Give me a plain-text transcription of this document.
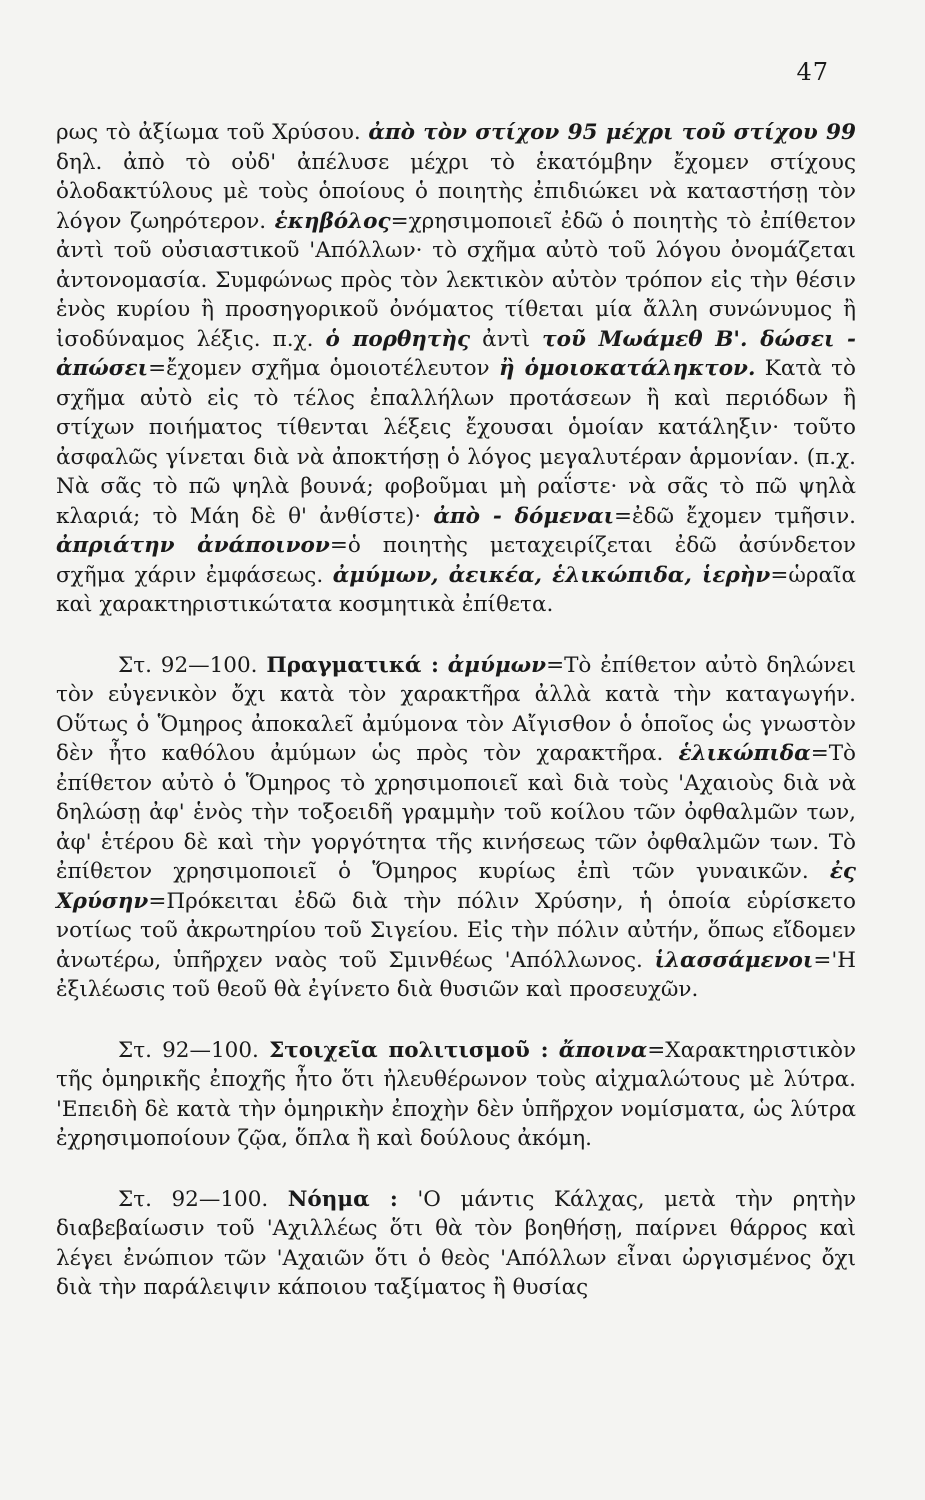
47

ρως τὸ ἀξίωμα τοῦ Χρύσου. ἀπὸ τὸν στίχον 95 μέχρι τοῦ στίχου 99 δηλ. ἀπὸ τὸ οὐδ' ἀπέλυσε μέχρι τὸ ἑκατόμβην ἔχομεν στίχους ὁλοδακτύλους μὲ τοὺς ὁποίους ὁ ποιητὴς ἐπιδιώκει νὰ καταστήσῃ τὸν λόγον ζωηρότερον. ἑκηβόλος=χρησιμοποιεῖ ἐδῶ ὁ ποιητὴς τὸ ἐπίθετον ἀντὶ τοῦ οὐσιαστικοῦ 'Απόλλων· τὸ σχῆμα αὐτὸ τοῦ λόγου ὀνομάζεται ἀντονομασία. Συμφώνως πρὸς τὸν λεκτικὸν αὐτὸν τρόπον εἰς τὴν θέσιν ἑνὸς κυρίου ἢ προσηγορικοῦ ὀνόματος τίθεται μία ἄλλη συνώνυμος ἢ ἰσοδύναμος λέξις. π.χ. ὁ πορθητὴς ἀντὶ τοῦ Μωάμεθ Β'. δώσει - ἀπώσει=ἔχομεν σχῆμα ὁμοιοτέλευτον ἢ ὁμοιοκατάληκτον. Κατὰ τὸ σχῆμα αὐτὸ εἰς τὸ τέλος ἐπαλλήλων προτάσεων ἢ καὶ περιόδων ἢ στίχων ποιήματος τίθενται λέξεις ἔχουσαι ὁμοίαν κατάληξιν· τοῦτο ἀσφαλῶς γίνεται διὰ νὰ ἀποκτήσῃ ὁ λόγος μεγαλυτέραν ἁρμονίαν. (π.χ. Νὰ σᾶς τὸ πῶ ψηλὰ βουνά; φοβοῦμαι μὴ ραΐστε· νὰ σᾶς τὸ πῶ ψηλὰ κλαριά; τὸ Μάη δὲ θ' ἀνθίστε)· ἀπὸ - δόμεναι=ἐδῶ ἔχομεν τμῆσιν. ἀπριάτην ἀνάποινον=ὁ ποιητὴς μεταχειρίζεται ἐδῶ ἀσύνδετον σχῆμα χάριν ἐμφάσεως. ἀμύμων, ἀεικέα, ἑλικώπιδα, ἱερὴν=ὡραῖα καὶ χαρακτηριστικώτατα κοσμητικὰ ἐπίθετα.

Στ. 92—100. Πραγματικά : ἀμύμων=Τὸ ἐπίθετον αὐτὸ δηλώνει τὸν εὐγενικὸν ὄχι κατὰ τὸν χαρακτῆρα ἀλλὰ κατὰ τὴν καταγωγήν. Οὕτως ὁ Ὅμηρος ἀποκαλεῖ ἀμύμονα τὸν Αἴγισθον ὁ ὁποῖος ὡς γνωστὸν δὲν ἦτο καθόλου ἀμύμων ὡς πρὸς τὸν χαρακτῆρα. ἑλικώπιδα=Τὸ ἐπίθετον αὐτὸ ὁ Ὅμηρος τὸ χρησιμοποιεῖ καὶ διὰ τοὺς 'Αχαιοὺς διὰ νὰ δηλώσῃ ἀφ' ἑνὸς τὴν τοξοειδῆ γραμμὴν τοῦ κοίλου τῶν ὀφθαλμῶν των, ἀφ' ἑτέρου δὲ καὶ τὴν γοργότητα τῆς κινήσεως τῶν ὀφθαλμῶν των. Τὸ ἐπίθετον χρησιμοποιεῖ ὁ Ὅμηρος κυρίως ἐπὶ τῶν γυναικῶν. ἐς Χρύσην=Πρόκειται ἐδῶ διὰ τὴν πόλιν Χρύσην, ἡ ὁποία εὑρίσκετο νοτίως τοῦ ἀκρωτηρίου τοῦ Σιγείου. Εἰς τὴν πόλιν αὐτήν, ὅπως εἴδομεν ἀνωτέρω, ὑπῆρχεν ναὸς τοῦ Σμινθέως 'Απόλλωνος. ἱλασσάμενοι='Η ἐξιλέωσις τοῦ θεοῦ θὰ ἐγίνετο διὰ θυσιῶν καὶ προσευχῶν.

Στ. 92—100. Στοιχεῖα πολιτισμοῦ : ἄποινα=Χαρακτηριστικὸν τῆς ὁμηρικῆς ἐποχῆς ἦτο ὅτι ἠλευθέρωνον τοὺς αἰχμαλώτους μὲ λύτρα. 'Επειδὴ δὲ κατὰ τὴν ὁμηρικὴν ἐποχὴν δὲν ὑπῆρχον νομίσματα, ὡς λύτρα ἐχρησιμοποίουν ζῷα, ὅπλα ἢ καὶ δούλους ἀκόμη.

Στ. 92—100. Νόημα : 'Ο μάντις Κάλχας, μετὰ τὴν ρητὴν διαβεβαίωσιν τοῦ 'Αχιλλέως ὅτι θὰ τὸν βοηθήσῃ, παίρνει θάρρος καὶ λέγει ἐνώπιον τῶν 'Αχαιῶν ὅτι ὁ θεὸς 'Απόλλων εἶναι ὠργισμένος ὄχι διὰ τὴν παράλειψιν κάποιου ταξίματος ἢ θυσίας
